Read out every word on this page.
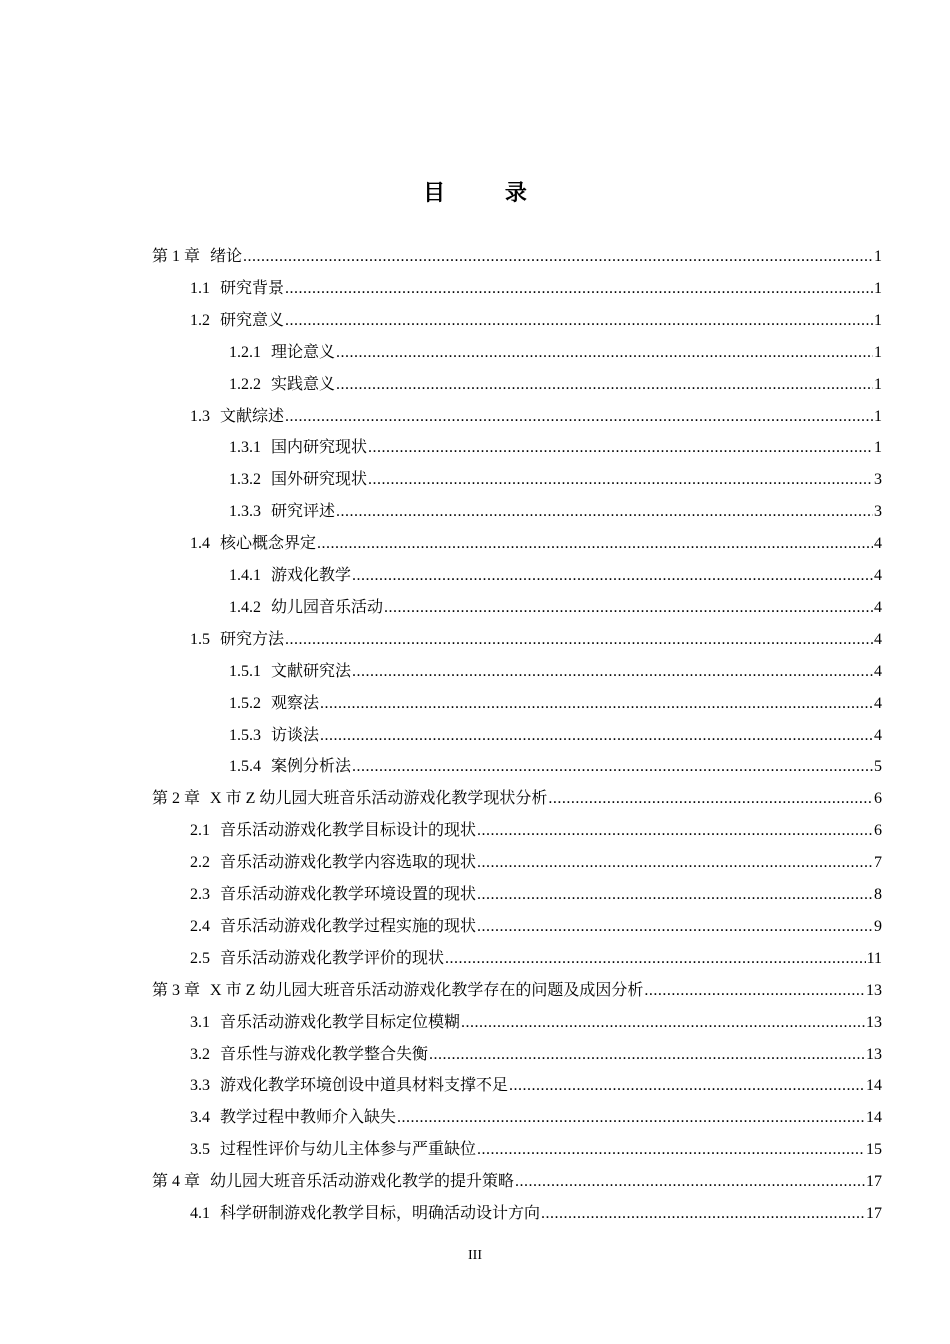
目 录
第 1 章 绪论 .....	1
1.1 研究背景 .....	1
1.2 研究意义 .....	1
1.2.1 理论意义 .....	1
1.2.2 实践意义 .....	1
1.3 文献综述 .....	1
1.3.1 国内研究现状 .....	1
1.3.2 国外研究现状 .....	3
1.3.3 研究评述 .....	3
1.4 核心概念界定 .....	4
1.4.1 游戏化教学 .....	4
1.4.2 幼儿园音乐活动 .....	4
1.5 研究方法 .....	4
1.5.1 文献研究法 .....	4
1.5.2 观察法 .....	4
1.5.3 访谈法 .....	4
1.5.4 案例分析法 .....	5
第 2 章 X 市 Z 幼儿园大班音乐活动游戏化教学现状分析 .....	6
2.1 音乐活动游戏化教学目标设计的现状 .....	6
2.2 音乐活动游戏化教学内容选取的现状 .....	7
2.3 音乐活动游戏化教学环境设置的现状 .....	8
2.4 音乐活动游戏化教学过程实施的现状 .....	9
2.5 音乐活动游戏化教学评价的现状 .....	11
第 3 章 X 市 Z 幼儿园大班音乐活动游戏化教学存在的问题及成因分析 .....	13
3.1 音乐活动游戏化教学目标定位模糊 .....	13
3.2 音乐性与游戏化教学整合失衡 .....	13
3.3 游戏化教学环境创设中道具材料支撑不足 .....	14
3.4 教学过程中教师介入缺失 .....	14
3.5 过程性评价与幼儿主体参与严重缺位 .....	15
第 4 章 幼儿园大班音乐活动游戏化教学的提升策略 .....	17
4.1 科学研制游戏化教学目标，明确活动设计方向 .....	17
III
